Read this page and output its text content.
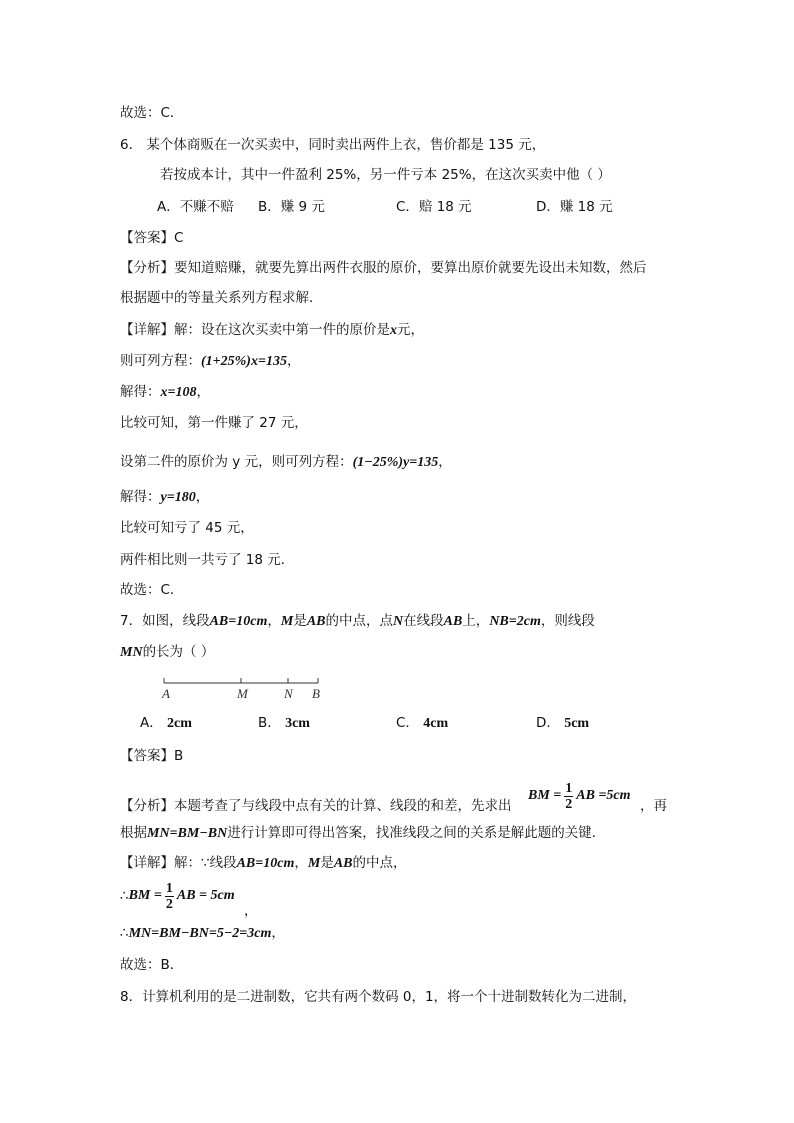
故选：C．
6． 某个体商贩在一次买卖中，同时卖出两件上衣，售价都是 135 元，
若按成本计，其中一件盈利 25%，另一件亏本 25%，在这次买卖中他（ ）
【答案】C
【分析】要知道赔赚，就要先算出两件衣服的原价，要算出原价就要先设出未知数，然后
根据题中的等量关系列方程求解．
【详解】解：设在这次买卖中第一件的原价是x元，
则可列方程：(1+25%)x=135，
解得：x=108，
比较可知，第一件赚了 27 元，
设第二件的原价为 y 元，则可列方程：(1−25%)y=135，
解得：y=180，
比较可知亏了 45 元，
两件相比则一共亏了 18 元．
故选：C．
7．如图，线段AB=10cm，M是AB的中点，点N在线段AB上，NB=2cm，则线段
MN的长为（ ）
【答案】B
根据MN=BM−BN进行计算即可得出答案，找准线段之间的关系是解此题的关键．
【详解】解：∵线段AB=10cm，M是AB的中点，
∴MN=BM−BN=5−2=3cm，
故选：B．
8．计算机利用的是二进制数，它共有两个数码 0，1，将一个十进制数转化为二进制，
A．不赚不赔 B．赚 9 元	C．赔 18 元	D．赚 18 元
A	M	N B
A． 2cm	B． 3cm	C． 4cm	D． 5cm
【分析】本题考查了与线段中点有关的计算、线段的和差，先求出
BM = $\frac{1}{2}$ AB =5cm
，再
∴ BM = $\frac{1}{2}$ AB = 5cm
，
